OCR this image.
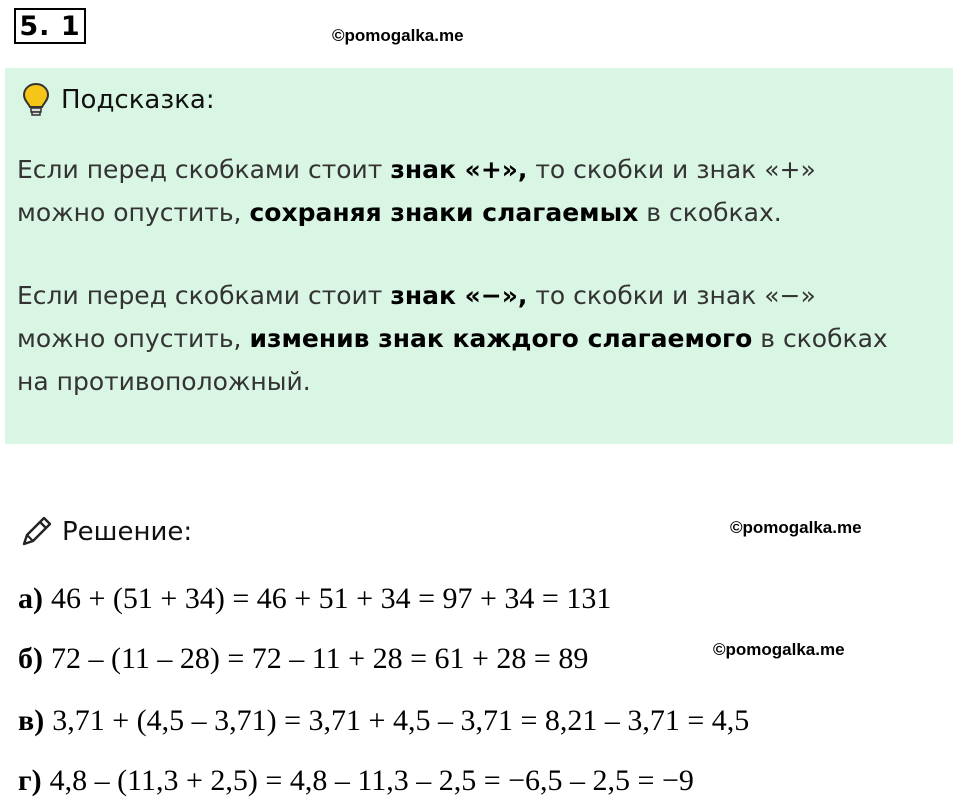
5. 1	©pomogalka.me
Подсказка:
Если перед скобками стоит знак «+», то скобки и знак «+»
можно опустить, сохраняя знаки слагаемых в скобках.
Если перед скобками стоит знак «−», то скобки и знак «−»
можно опустить, изменив знак каждого слагаемого в скобках
на противоположный.
Решение:	©pomogalka.me
©pomogalka.me
а) 46 + (51 + 34) = 46 + 51 + 34 = 97 + 34 = 131
б) 72 – (11 – 28) = 72 – 11 + 28 = 61 + 28 = 89
в) 3,71 + (4,5 – 3,71) = 3,71 + 4,5 – 3,71 = 8,21 – 3,71 = 4,5
г) 4,8 – (11,3 + 2,5) = 4,8 – 11,3 – 2,5 = −6,5 – 2,5 = −9
